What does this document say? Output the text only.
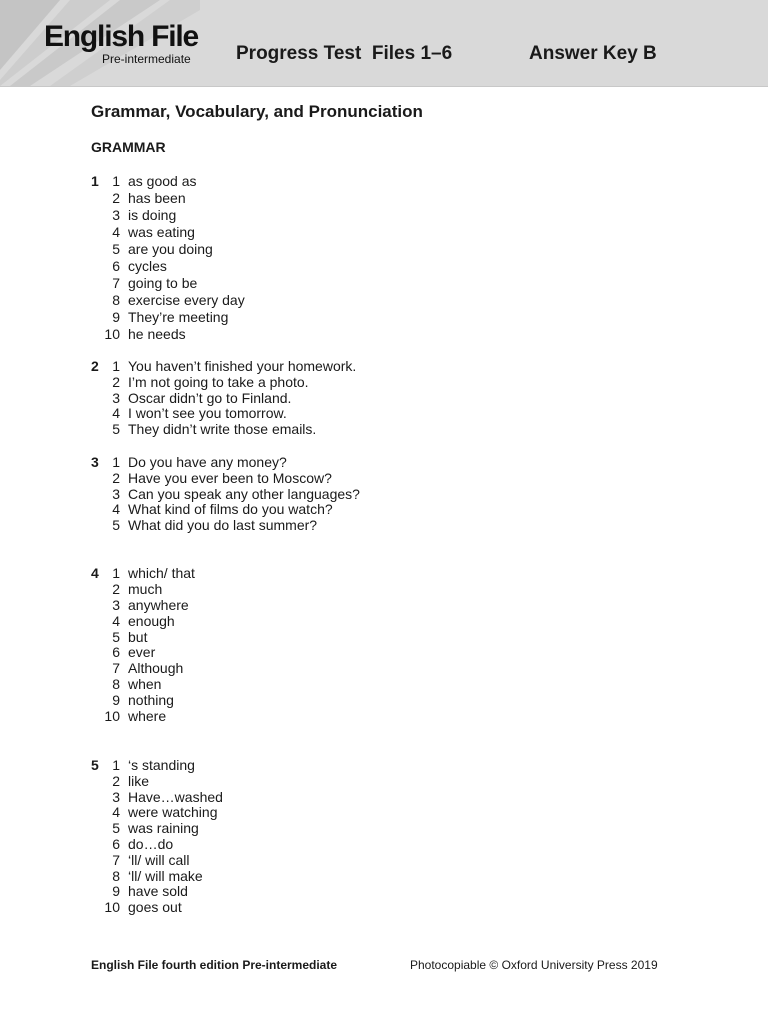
English File
Pre-intermediate Progress Test  Files 1–6	Answer Key B
Grammar, Vocabulary, and Pronunciation
GRAMMAR
1 1 as good as
2 has been
3 is doing
4 was eating
5 are you doing
6 cycles
7 going to be
8 exercise every day
9 They’re meeting
10 he needs
2 1 You haven’t finished your homework.
2 I’m not going to take a photo.
3 Oscar didn’t go to Finland.
4 I won’t see you tomorrow.
5 They didn’t write those emails.
3 1 Do you have any money?
2 Have you ever been to Moscow?
3 Can you speak any other languages?
4 What kind of films do you watch?
5 What did you do last summer?
4 1 which/ that
2 much
3 anywhere
4 enough
5 but
6 ever
7 Although
8 when
9 nothing
10 where
5 1 ‘s standing
2 like
3 Have…washed
4 were watching
5 was raining
6 do…do
7 ‘ll/ will call
8 ‘ll/ will make
9 have sold
10 goes out
English File fourth edition Pre-intermediate	Photocopiable © Oxford University Press 2019
